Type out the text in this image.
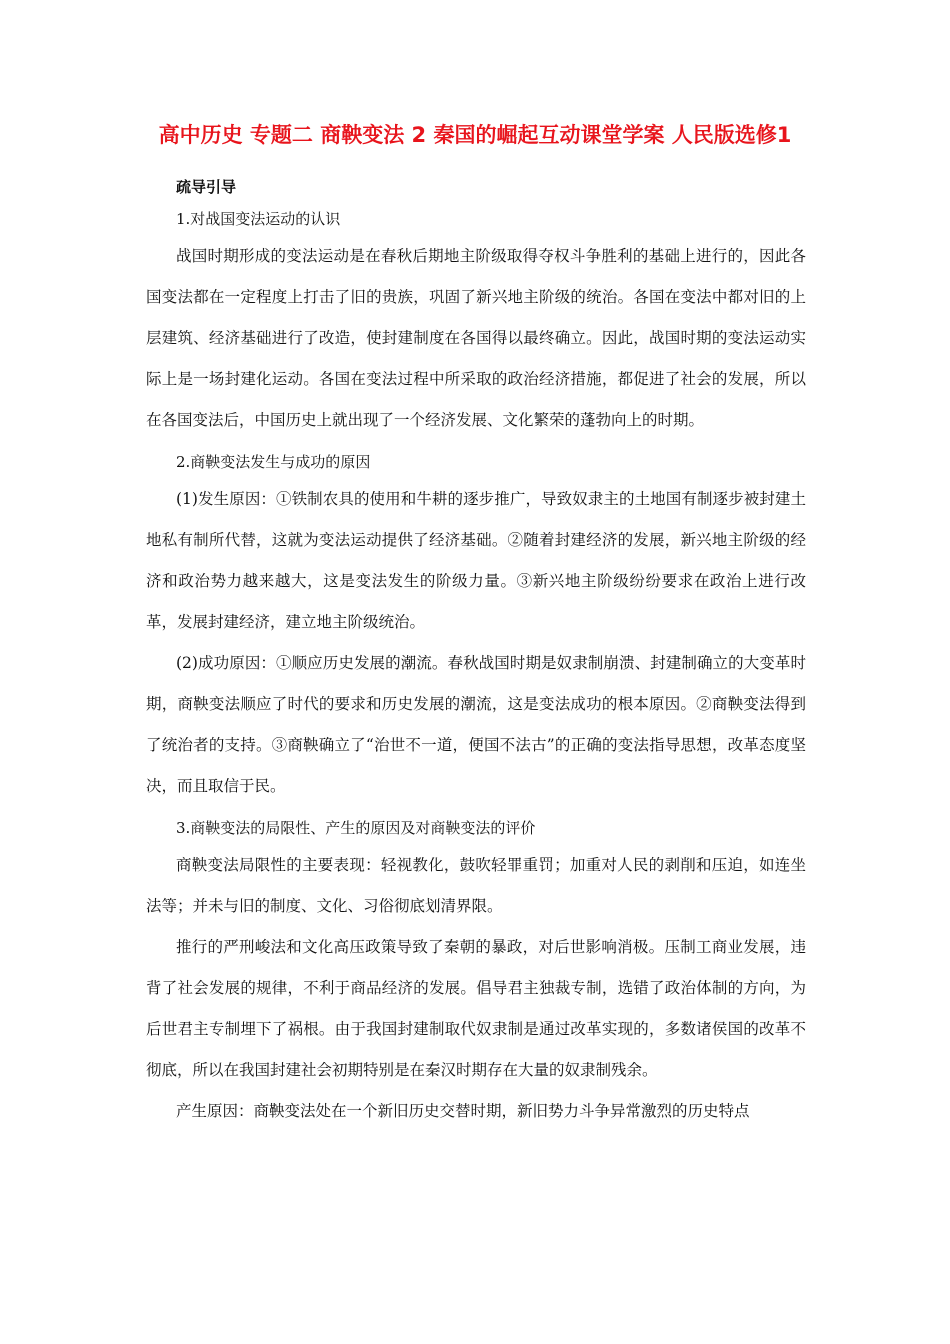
高中历史 专题二 商鞅变法 2 秦国的崛起互动课堂学案 人民版选修1
疏导引导
1.对战国变法运动的认识

战国时期形成的变法运动是在春秋后期地主阶级取得夺权斗争胜利的基础上进行的，因此各国变法都在一定程度上打击了旧的贵族，巩固了新兴地主阶级的统治。各国在变法中都对旧的上层建筑、经济基础进行了改造，使封建制度在各国得以最终确立。因此，战国时期的变法运动实际上是一场封建化运动。各国在变法过程中所采取的政治经济措施，都促进了社会的发展，所以在各国变法后，中国历史上就出现了一个经济发展、文化繁荣的蓬勃向上的时期。

2.商鞅变法发生与成功的原因

(1)发生原因：①铁制农具的使用和牛耕的逐步推广，导致奴隶主的土地国有制逐步被封建土地私有制所代替，这就为变法运动提供了经济基础。②随着封建经济的发展，新兴地主阶级的经济和政治势力越来越大，这是变法发生的阶级力量。③新兴地主阶级纷纷要求在政治上进行改革，发展封建经济，建立地主阶级统治。

(2)成功原因：①顺应历史发展的潮流。春秋战国时期是奴隶制崩溃、封建制确立的大变革时期，商鞅变法顺应了时代的要求和历史发展的潮流，这是变法成功的根本原因。②商鞅变法得到了统治者的支持。③商鞅确立了“治世不一道，便国不法古”的正确的变法指导思想，改革态度坚决，而且取信于民。

3.商鞅变法的局限性、产生的原因及对商鞅变法的评价

商鞅变法局限性的主要表现：轻视教化，鼓吹轻罪重罚；加重对人民的剥削和压迫，如连坐法等；并未与旧的制度、文化、习俗彻底划清界限。

推行的严刑峻法和文化高压政策导致了秦朝的暴政，对后世影响消极。压制工商业发展，违背了社会发展的规律，不利于商品经济的发展。倡导君主独裁专制，选错了政治体制的方向，为后世君主专制埋下了祸根。由于我国封建制取代奴隶制是通过改革实现的，多数诸侯国的改革不彻底，所以在我国封建社会初期特别是在秦汉时期存在大量的奴隶制残余。

产生原因：商鞅变法处在一个新旧历史交替时期，新旧势力斗争异常激烈的历史特点
